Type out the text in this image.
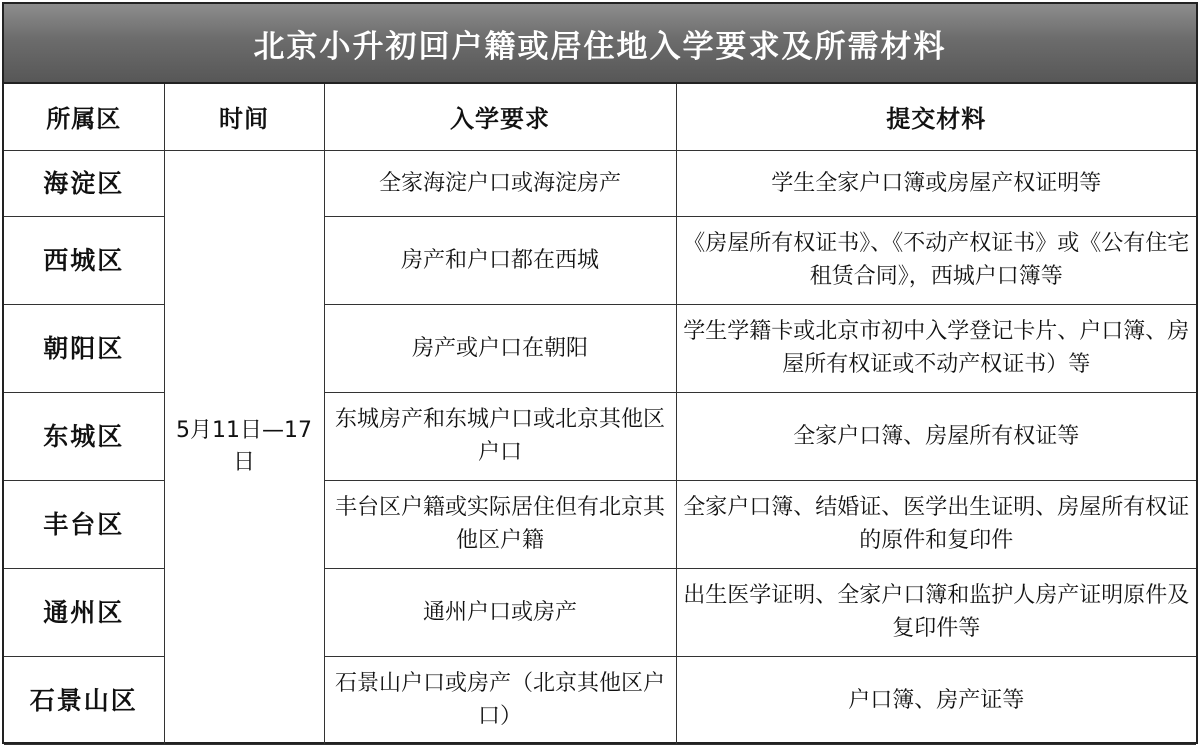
北京小升初回户籍或居住地入学要求及所需材料
所属区	时间	入学要求	提交材料
海淀区	5月11日—17日	全家海淀户口或海淀房产	学生全家户口簿或房屋产权证明等
西城区		房产和户口都在西城	《房屋所有权证书》、《不动产权证书》或《公有住宅租赁合同》，西城户口簿等
朝阳区		房产或户口在朝阳	学生学籍卡或北京市初中入学登记卡片、户口簿、房屋所有权证或不动产权证书）等
东城区		东城房产和东城户口或北京其他区户口	全家户口簿、房屋所有权证等
丰台区		丰台区户籍或实际居住但有北京其他区户籍	全家户口簿、结婚证、医学出生证明、房屋所有权证的原件和复印件
通州区		通州户口或房产	出生医学证明、全家户口簿和监护人房产证明原件及复印件等
石景山区		石景山户口或房产（北京其他区户口）	户口簿、房产证等
